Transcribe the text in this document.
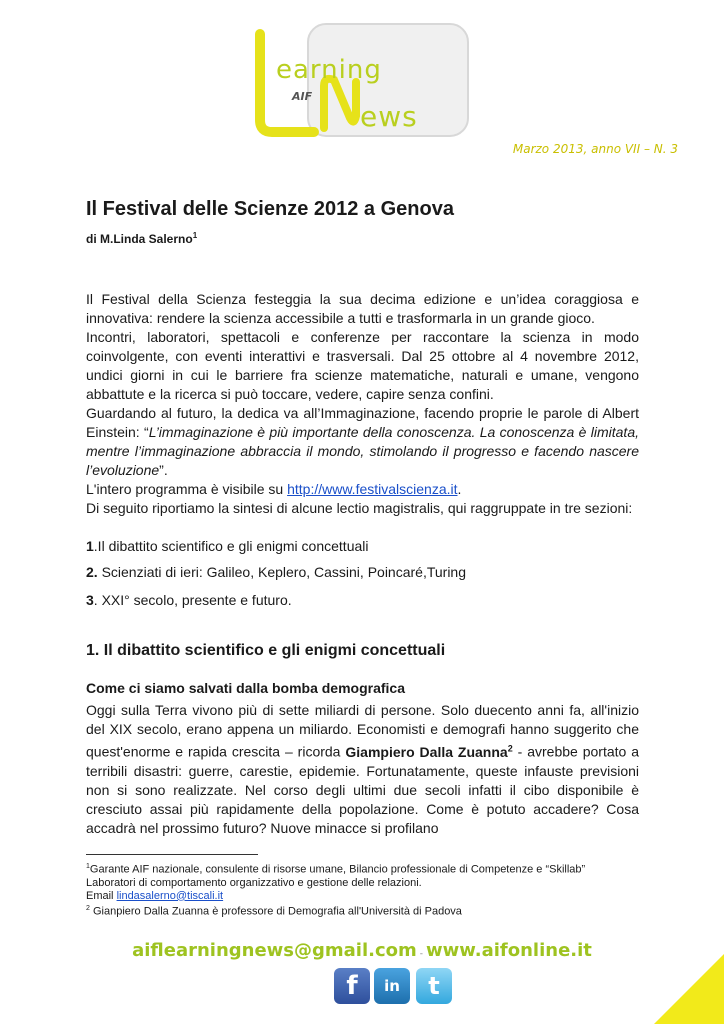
earning
ews
AIF
Marzo 2013, anno VII – N. 3
Il Festival delle Scienze 2012 a Genova
di M.Linda Salerno$^1$

Il Festival della Scienza festeggia la sua decima edizione e un’idea coraggiosa e innovativa: rendere la scienza accessibile a tutti e trasformarla in un grande gioco.

Incontri, laboratori, spettacoli e conferenze per raccontare la scienza in modo coinvolgente, con eventi interattivi e trasversali. Dal 25 ottobre al 4 novembre 2012, undici giorni in cui le barriere fra scienze matematiche, naturali e umane, vengono abbattute e la ricerca si può toccare, vedere, capire senza confini.

Guardando al futuro, la dedica va all’Immaginazione, facendo proprie le parole di Albert Einstein: “L’immaginazione è più importante della conoscenza. La conoscenza è limitata, mentre l’immaginazione abbraccia il mondo, stimolando il progresso e facendo nascere l’evoluzione”.

L'intero programma è visibile su http://www.festivalscienza.it.

Di seguito riportiamo la sintesi di alcune lectio magistralis, qui raggruppate in tre sezioni:

1.Il dibattito scientifico e gli enigmi concettuali
2. Scienziati di ieri: Galileo, Keplero, Cassini, Poincaré,Turing
3. XXI° secolo, presente e futuro.
1. Il dibattito scientifico e gli enigmi concettuali
Come ci siamo salvati dalla bomba demografica
Oggi sulla Terra vivono più di sette miliardi di persone. Solo duecento anni fa, all'inizio del XIX secolo, erano appena un miliardo. Economisti e demografi hanno suggerito che quest'enorme e rapida crescita – ricorda Giampiero Dalla Zuanna$^2$ - avrebbe portato a terribili disastri: guerre, carestie, epidemie. Fortunatamente, queste infauste previsioni non si sono realizzate. Nel corso degli ultimi due secoli infatti il cibo disponibile è cresciuto assai più rapidamente della popolazione. Come è potuto accadere? Cosa accadrà nel prossimo futuro? Nuove minacce si profilano
$^1$Garante AIF nazionale, consulente di risorse umane, Bilancio professionale di Competenze e “Skillab” Laboratori di comportamento organizzativo e gestione delle relazioni.
Email lindasalerno@tiscali.it
$^2$ Gianpiero Dalla Zuanna è professore di Demografia all'Università di Padova
aiflearningnews@gmail.com - www.aifonline.it
f	in	t
